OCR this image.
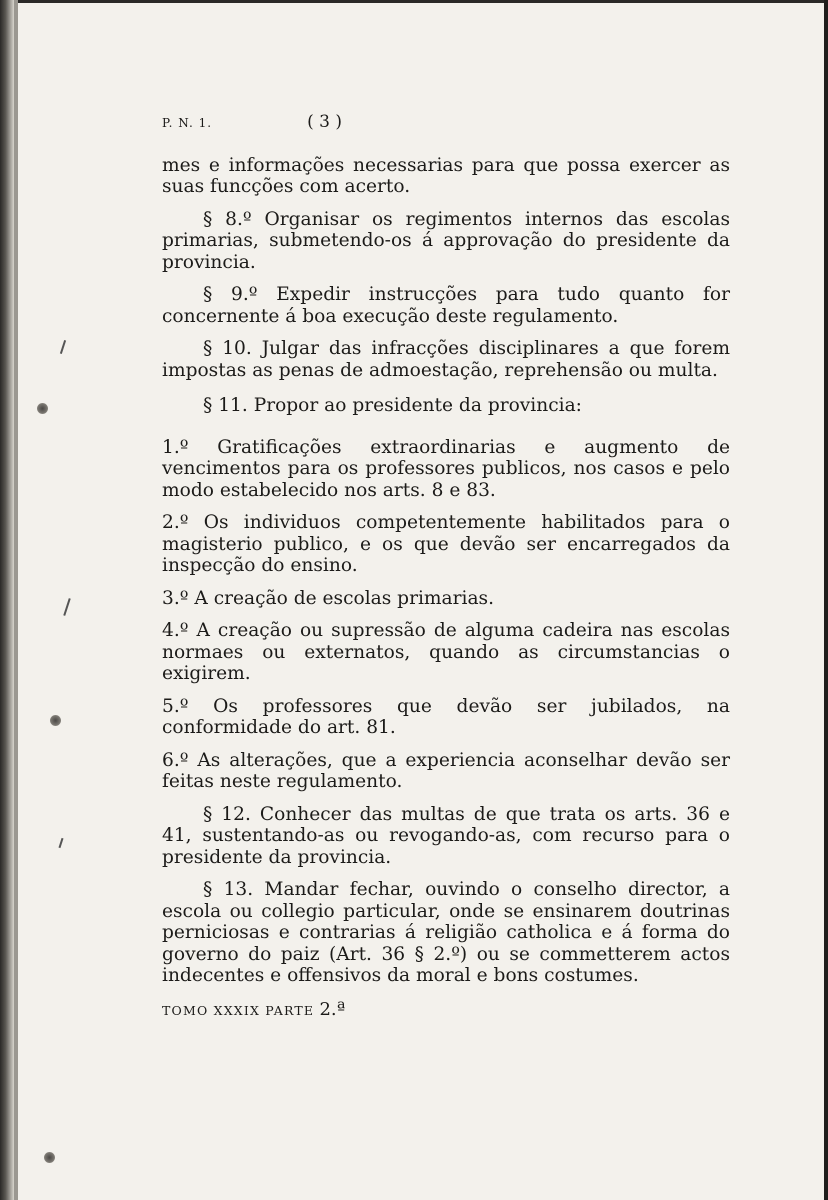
P. N. 1.	( 3 )

mes e informações necessarias para que possa exercer as suas funcções com acerto.

§ 8.º Organisar os regimentos internos das escolas primarias, submetendo-os á approvação do presidente da provincia.

§ 9.º Expedir instrucções para tudo quanto for concernente á boa execução deste regulamento.

§ 10. Julgar das infracções disciplinares a que forem impostas as penas de admoestação, reprehensão ou multa.

§ 11. Propor ao presidente da provincia:

1.º Gratificações extraordinarias e augmento de vencimentos para os professores publicos, nos casos e pelo modo estabelecido nos arts. 8 e 83.

2.º Os individuos competentemente habilitados para o magisterio publico, e os que devão ser encarregados da inspecção do ensino.

3.º A creação de escolas primarias.

4.º A creação ou supressão de alguma cadeira nas escolas normaes ou externatos, quando as circumstancias o exigirem.

5.º Os professores que devão ser jubilados, na conformidade do art. 81.

6.º As alterações, que a experiencia aconselhar devão ser feitas neste regulamento.

§ 12. Conhecer das multas de que trata os arts. 36 e 41, sustentando-as ou revogando-as, com recurso para o presidente da provincia.

§ 13. Mandar fechar, ouvindo o conselho director, a escola ou collegio particular, onde se ensinarem doutrinas perniciosas e contrarias á religião catholica e á forma do governo do paiz (Art. 36 § 2.º) ou se commetterem actos indecentes e offensivos da moral e bons costumes.

TOMO XXXIX PARTE 2.ª
